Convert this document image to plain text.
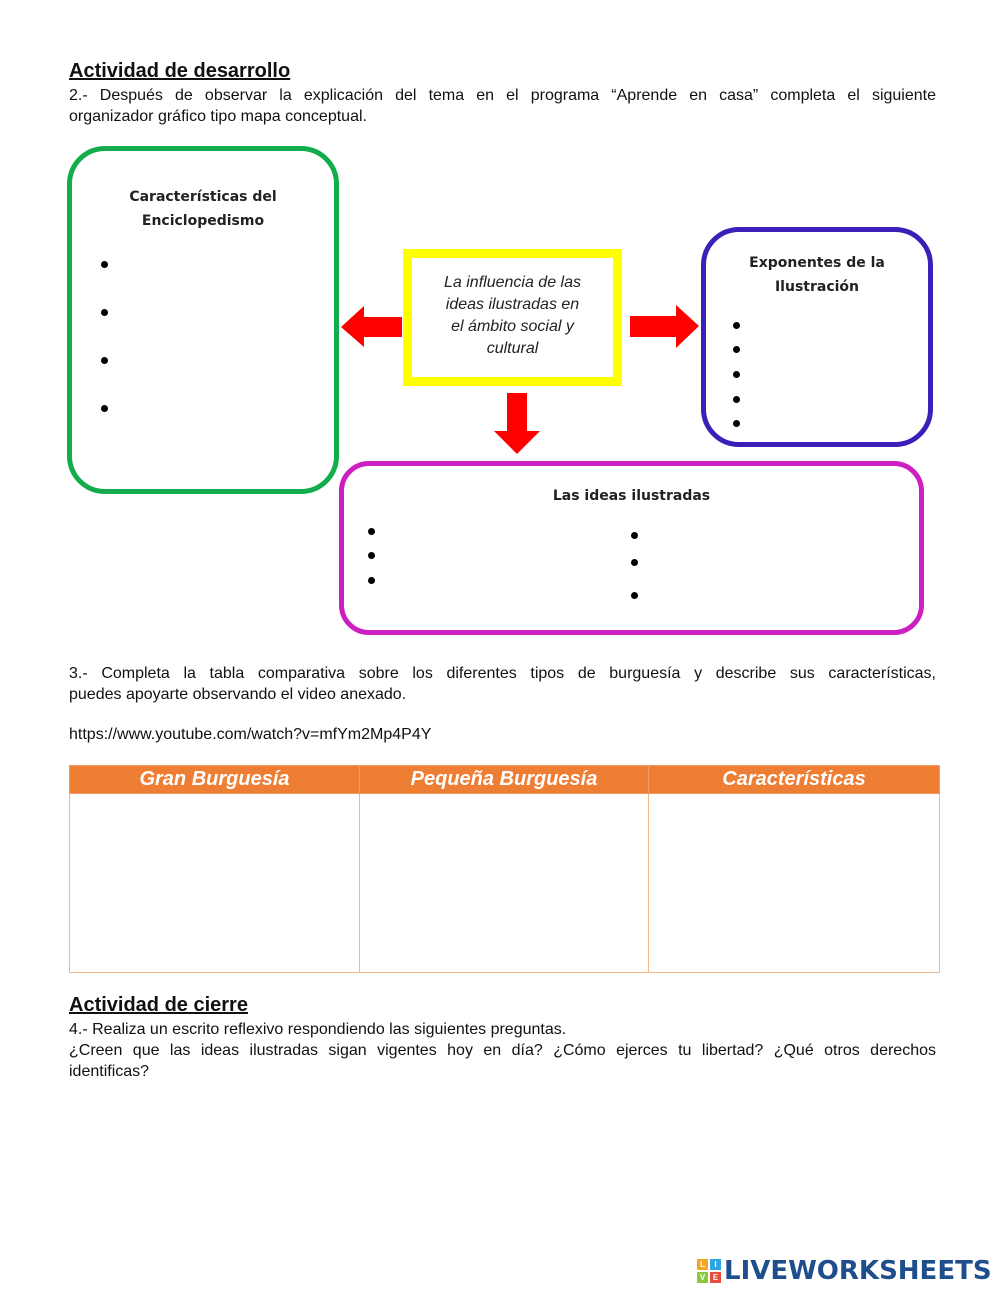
Actividad de desarrollo
2.- Después de observar la explicación del tema en el programa “Aprende en casa” completa el siguiente
organizador gráfico tipo mapa conceptual.
Características del
Enciclopedismo
La influencia de las
ideas ilustradas en
el ámbito social y
cultural
Exponentes de la
Ilustración
Las ideas ilustradas
3.- Completa la tabla comparativa sobre los diferentes tipos de burguesía y describe sus características,
puedes apoyarte observando el video anexado.
https://www.youtube.com/watch?v=mfYm2Mp4P4Y
Gran Burguesía	Pequeña Burguesía	Características

Actividad de cierre
4.- Realiza un escrito reflexivo respondiendo las siguientes preguntas.
¿Creen que las ideas ilustradas sigan vigentes hoy en día? ¿Cómo ejerces tu libertad? ¿Qué otros derechos
identificas?
L	I
V E LIVEWORKSHEETS
